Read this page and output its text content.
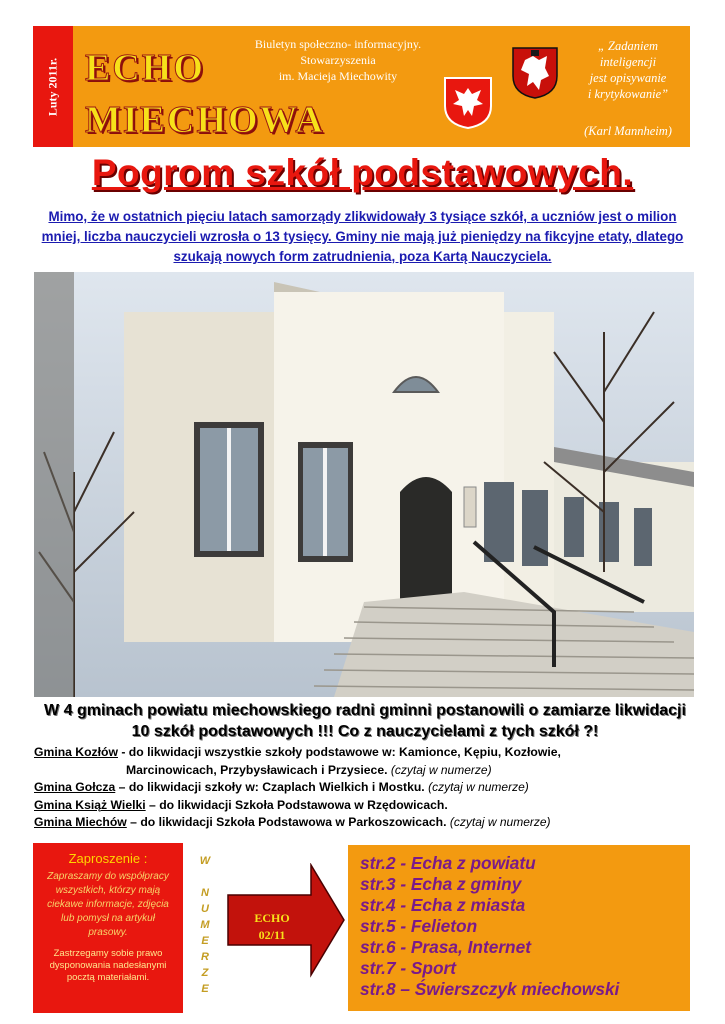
Luty 2011r. ECHO
MIECHOWA
Biuletyn społeczno- informacyjny.
Stowarzyszenia
im. Macieja Miechowity
„ Zadaniem
inteligencji
jest opisywanie
i krytykowanie”
(Karl Mannheim)
Pogrom szkół podstawowych.
Mimo, że w ostatnich pięciu latach samorządy zlikwidowały 3 tysiące szkół, a uczniów jest o milion mniej, liczba nauczycieli wzrosła o 13 tysięcy. Gminy nie mają już pieniędzy na fikcyjne etaty, dlatego szukają nowych form zatrudnienia, poza Kartą Nauczyciela.
W 4 gminach powiatu miechowskiego radni gminni postanowili o zamiarze likwidacji 10 szkół podstawowych !!! Co z nauczycielami z tych szkół ?!
Gmina Kozłów - do likwidacji wszystkie szkoły podstawowe w: Kamionce, Kępiu, Kozłowie,
Marcinowicach, Przybysławicach i Przysiece. (czytaj w numerze)
Gmina Gołcza – do likwidacji szkoły w: Czaplach Wielkich i Mostku. (czytaj w numerze)
Gmina Książ Wielki – do likwidacji Szkoła Podstawowa w Rzędowicach.
Gmina Miechów – do likwidacji Szkoła Podstawowa w Parkoszowicach. (czytaj w numerze)
Zaproszenie :
Zapraszamy do współpracy wszystkich, którzy mają ciekawe informacje, zdjęcia lub pomysł na artykuł prasowy.
Zastrzegamy sobie prawo dysponowania nadesłanymi pocztą materiałami.
W
N
U
M
E
R
Z
E
ECHO
02/11
str.2 - Echa z powiatu
str.3 - Echa z gminy
str.4 - Echa z miasta
str.5 - Felieton
str.6 - Prasa, Internet
str.7 - Sport
str.8 – Świerszczyk miechowski
